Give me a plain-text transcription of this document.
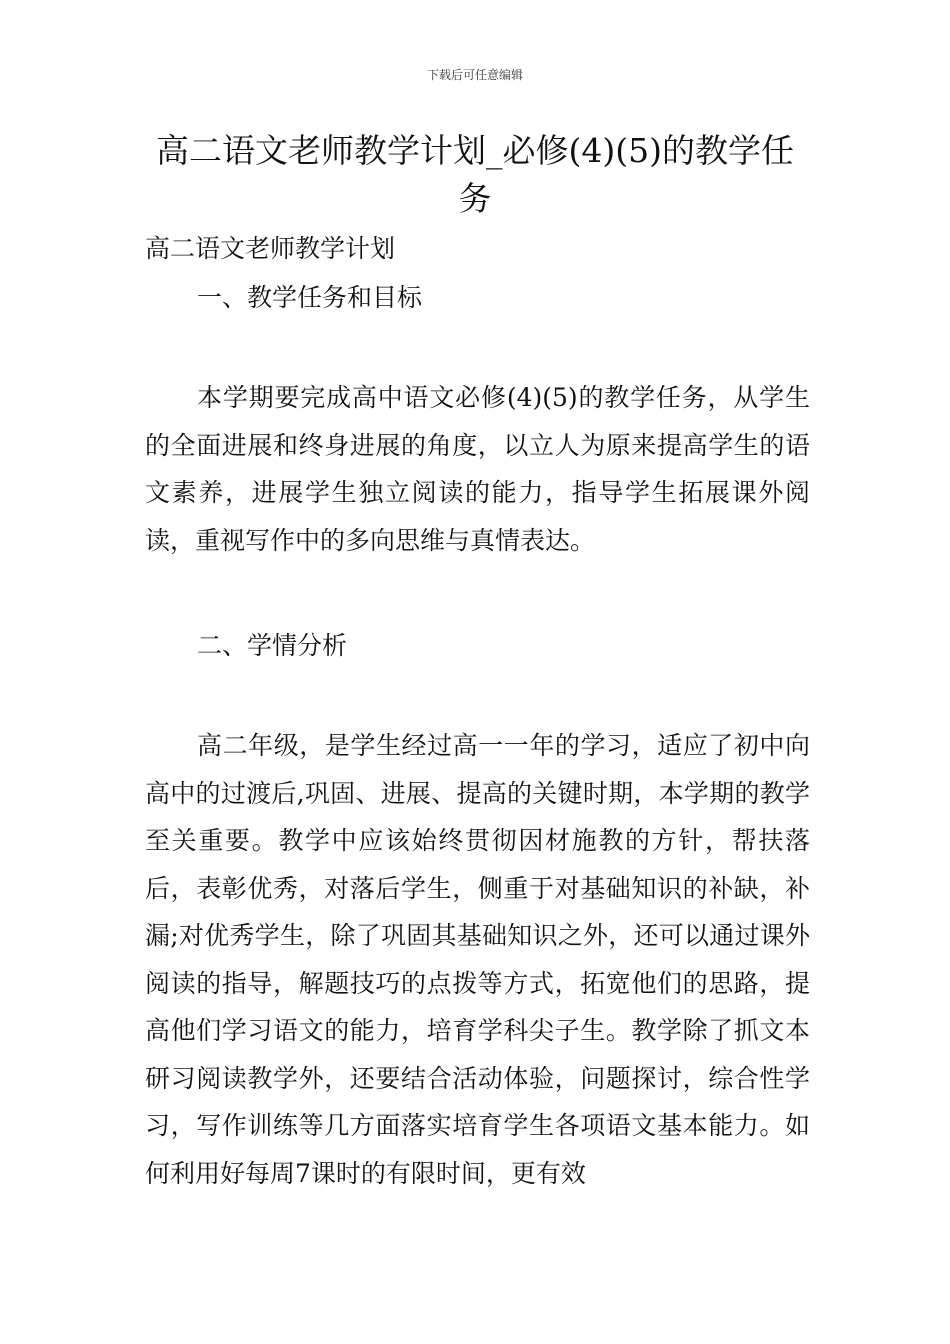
下载后可任意编辑
高二语文老师教学计划_必修(4)(5)的教学任务

高二语文老师教学计划

一、教学任务和目标

本学期要完成高中语文必修(4)(5)的教学任务，从学生的全面进展和终身进展的角度，以立人为原来提高学生的语文素养，进展学生独立阅读的能力，指导学生拓展课外阅读，重视写作中的多向思维与真情表达。

二、学情分析

高二年级，是学生经过高一一年的学习，适应了初中向高中的过渡后,巩固、进展、提高的关键时期，本学期的教学至关重要。教学中应该始终贯彻因材施教的方针，帮扶落后，表彰优秀，对落后学生，侧重于对基础知识的补缺，补漏;对优秀学生，除了巩固其基础知识之外，还可以通过课外阅读的指导，解题技巧的点拨等方式，拓宽他们的思路，提高他们学习语文的能力，培育学科尖子生。教学除了抓文本研习阅读教学外，还要结合活动体验，问题探讨，综合性学习，写作训练等几方面落实培育学生各项语文基本能力。如何利用好每周7课时的有限时间，更有效
